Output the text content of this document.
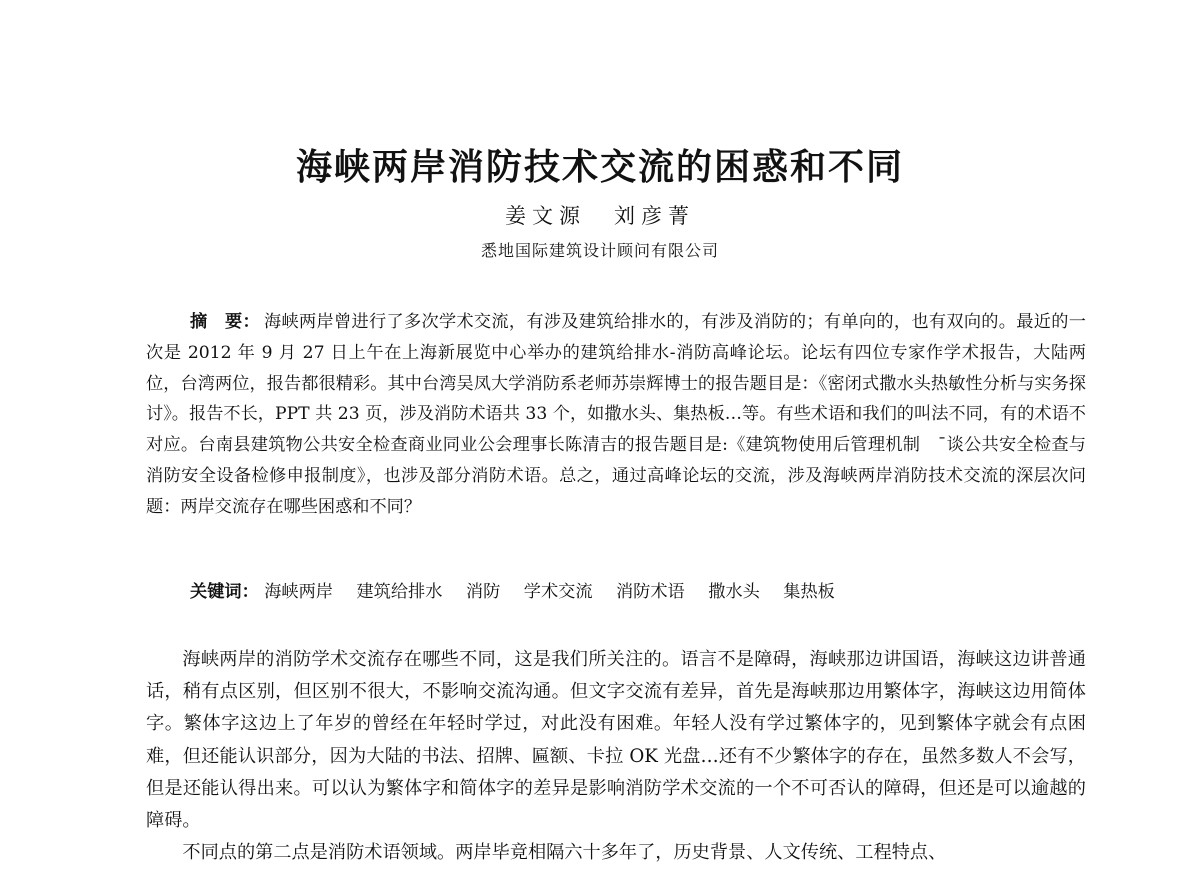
海峡两岸消防技术交流的困惑和不同
姜文源 刘彦菁
悉地国际建筑设计顾问有限公司
摘　要： 海峡两岸曾进行了多次学术交流，有涉及建筑给排水的，有涉及消防的；有单向的，也有双向的。最近的一次是 2012 年 9 月 27 日上午在上海新展览中心举办的建筑给排水-消防高峰论坛。论坛有四位专家作学术报告，大陆两位，台湾两位，报告都很精彩。其中台湾吴凤大学消防系老师苏崇辉博士的报告题目是：《密闭式撒水头热敏性分析与实务探讨》。报告不长，PPT 共 23 页，涉及消防术语共 33 个，如撒水头、集热板…等。有些术语和我们的叫法不同，有的术语不对应。台南县建筑物公共安全检查商业同业公会理事长陈清吉的报告题目是:《建筑物使用后管理机制　¯谈公共安全检查与消防安全设备检修申报制度》，也涉及部分消防术语。总之，通过高峰论坛的交流，涉及海峡两岸消防技术交流的深层次问题：两岸交流存在哪些困惑和不同？
关键词： 海峡两岸 建筑给排水 消防 学术交流 消防术语 撒水头 集热板

海峡两岸的消防学术交流存在哪些不同，这是我们所关注的。语言不是障碍，海峡那边讲国语，海峡这边讲普通话，稍有点区别，但区别不很大，不影响交流沟通。但文字交流有差异，首先是海峡那边用繁体字，海峡这边用简体字。繁体字这边上了年岁的曾经在年轻时学过，对此没有困难。年轻人没有学过繁体字的，见到繁体字就会有点困难，但还能认识部分，因为大陆的书法、招牌、匾额、卡拉 OK 光盘…还有不少繁体字的存在，虽然多数人不会写，但是还能认得出来。可以认为繁体字和简体字的差异是影响消防学术交流的一个不可否认的障碍，但还是可以逾越的障碍。

不同点的第二点是消防术语领域。两岸毕竟相隔六十多年了，历史背景、人文传统、工程特点、
